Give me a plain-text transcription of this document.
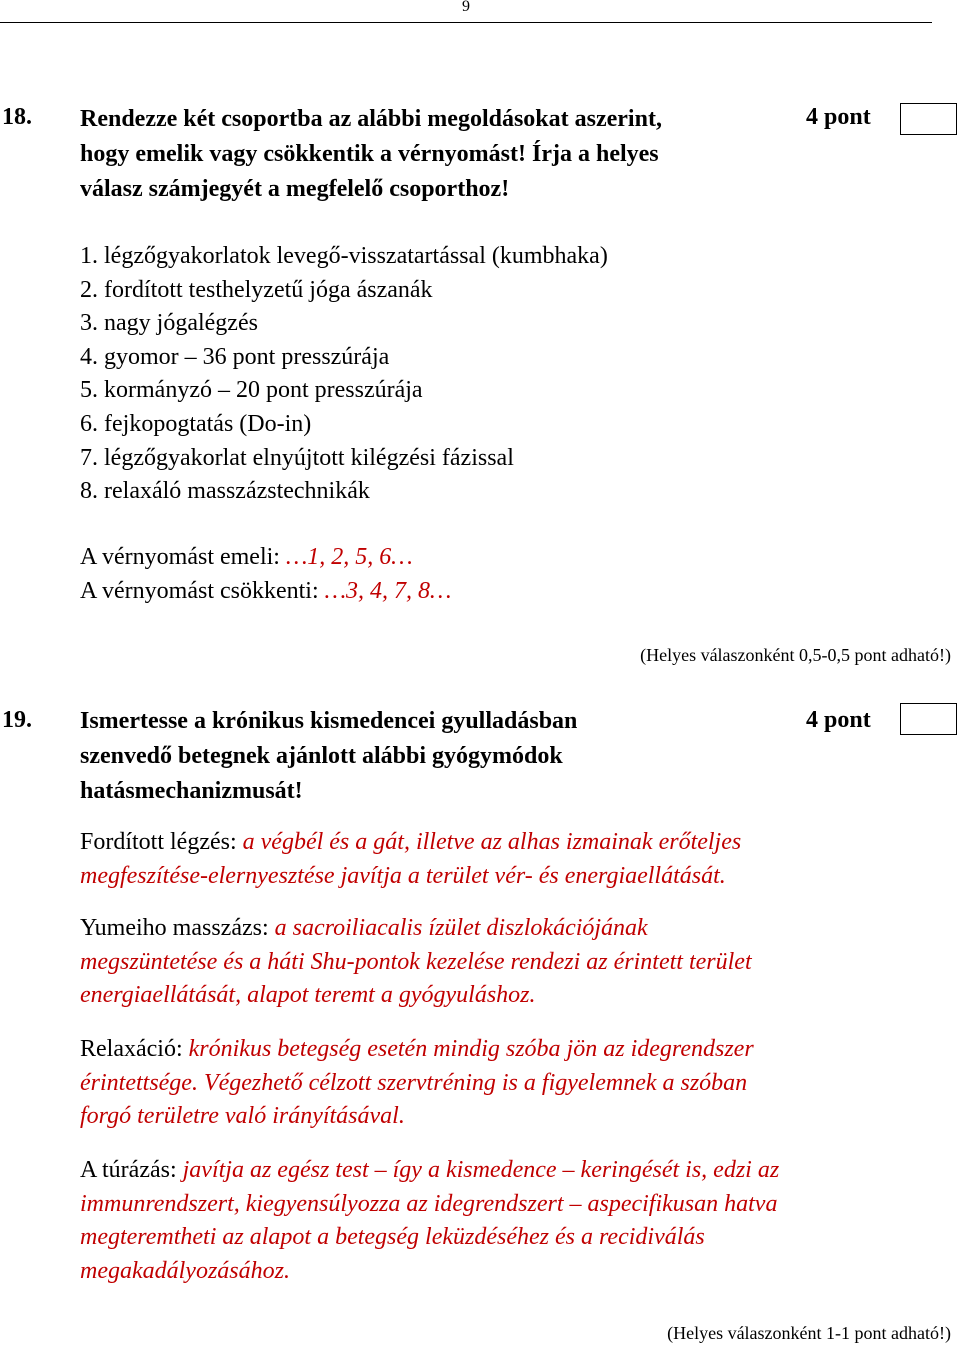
9
18. Rendezze két csoportba az alábbi megoldásokat aszerint,
hogy emelik vagy csökkentik a vérnyomást! Írja a helyes
válasz számjegyét a megfelelő csoporthoz!
4 pont
1. légzőgyakorlatok levegő-visszatartással (kumbhaka)
2. fordított testhelyzetű jóga ászanák
3. nagy jógalégzés
4. gyomor – 36 pont presszúrája
5. kormányzó – 20 pont presszúrája
6. fejkopogtatás (Do-in)
7. légzőgyakorlat elnyújtott kilégzési fázissal
8. relaxáló masszázstechnikák
A vérnyomást emeli: …1, 2, 5, 6…
A vérnyomást csökkenti: …3, 4, 7, 8…
(Helyes válaszonként 0,5-0,5 pont adható!)
19. Ismertesse a krónikus kismedencei gyulladásban
szenvedő betegnek ajánlott alábbi gyógymódok
hatásmechanizmusát!
4 pont
Fordított légzés: a végbél és a gát, illetve az alhas izmainak erőteljes
megfeszítése-elernyesztése javítja a terület vér- és energiaellátását.
Yumeiho masszázs: a sacroiliacalis ízület diszlokációjának
megszüntetése és a háti Shu-pontok kezelése rendezi az érintett terület
energiaellátását, alapot teremt a gyógyuláshoz.
Relaxáció: krónikus betegség esetén mindig szóba jön az idegrendszer
érintettsége. Végezhető célzott szervtréning is a figyelemnek a szóban
forgó területre való irányításával.
A túrázás: javítja az egész test – így a kismedence – keringését is, edzi az
immunrendszert, kiegyensúlyozza az idegrendszert – aspecifikusan hatva
megteremtheti az alapot a betegség leküzdéséhez és a recidiválás
megakadályozásához.
(Helyes válaszonként 1-1 pont adható!)
